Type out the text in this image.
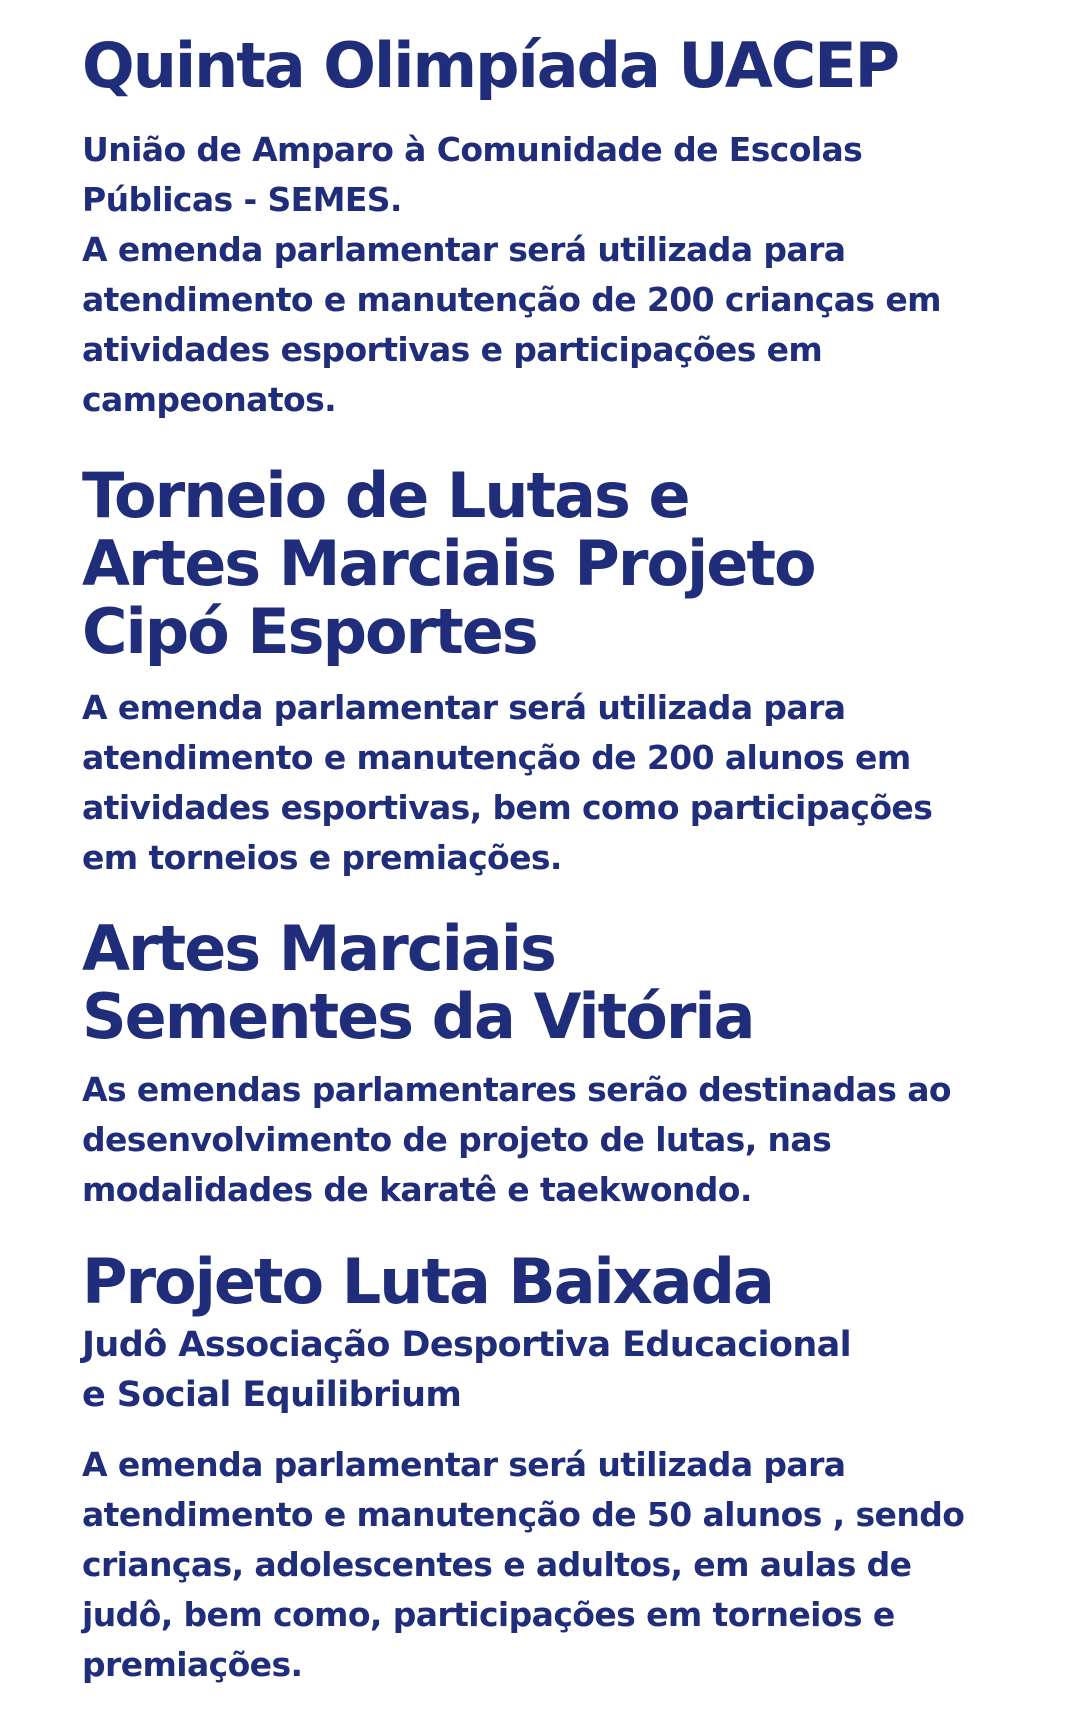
Quinta Olimpíada UACEP

União de Amparo à Comunidade de Escolas
Públicas - SEMES.
A emenda parlamentar será utilizada para
atendimento e manutenção de 200 crianças em
atividades esportivas e participações em
campeonatos.

Torneio de Lutas e
Artes Marciais Projeto
Cipó Esportes

A emenda parlamentar será utilizada para
atendimento e manutenção de 200 alunos em
atividades esportivas, bem como participações
em torneios e premiações.

Artes Marciais
Sementes da Vitória

As emendas parlamentares serão destinadas ao
desenvolvimento de projeto de lutas, nas
modalidades de karatê e taekwondo.

Projeto Luta Baixada

Judô Associação Desportiva Educacional
e Social Equilibrium

A emenda parlamentar será utilizada para
atendimento e manutenção de 50 alunos , sendo
crianças, adolescentes e adultos, em aulas de
judô, bem como, participações em torneios e
premiações.
